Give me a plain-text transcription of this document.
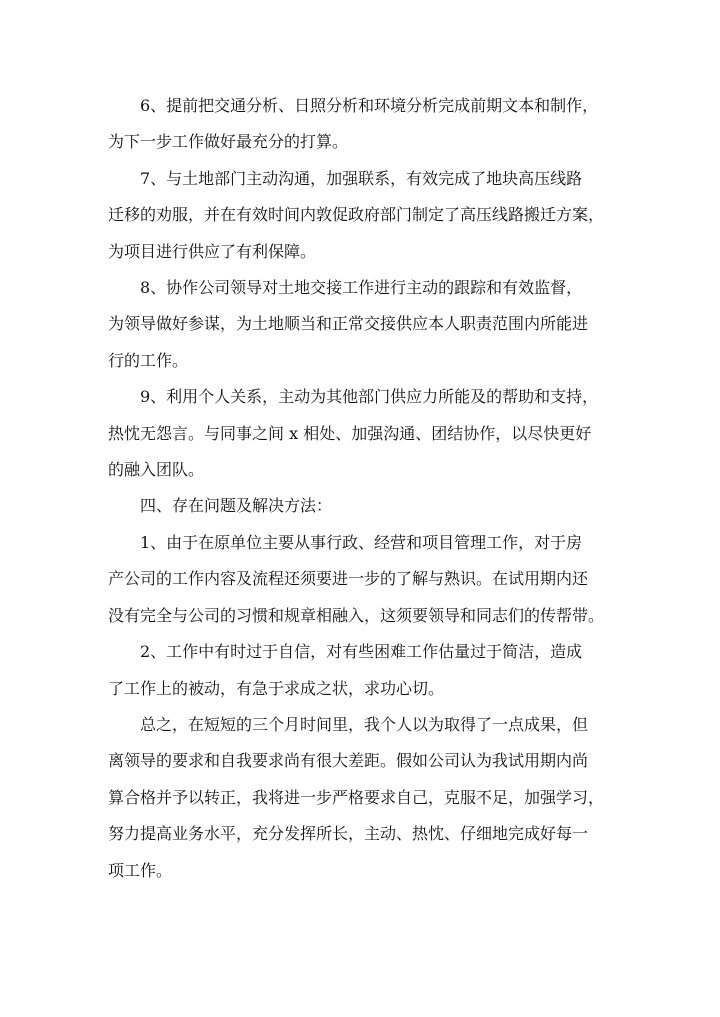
6、提前把交通分析、日照分析和环境分析完成前期文本和制作，
为下一步工作做好最充分的打算。
7、与土地部门主动沟通，加强联系，有效完成了地块高压线路
迁移的劝服，并在有效时间内敦促政府部门制定了高压线路搬迁方案，
为项目进行供应了有利保障。
8、协作公司领导对土地交接工作进行主动的跟踪和有效监督，
为领导做好参谋，为土地顺当和正常交接供应本人职责范围内所能进
行的工作。
9、利用个人关系，主动为其他部门供应力所能及的帮助和支持，
热忱无怨言。与同事之间 x 相处、加强沟通、团结协作，以尽快更好
的融入团队。
四、存在问题及解决方法：
1、由于在原单位主要从事行政、经营和项目管理工作，对于房
产公司的工作内容及流程还须要进一步的了解与熟识。在试用期内还
没有完全与公司的习惯和规章相融入，这须要领导和同志们的传帮带。
2、工作中有时过于自信，对有些困难工作估量过于简洁，造成
了工作上的被动，有急于求成之状，求功心切。
总之，在短短的三个月时间里，我个人以为取得了一点成果，但
离领导的要求和自我要求尚有很大差距。假如公司认为我试用期内尚
算合格并予以转正，我将进一步严格要求自己，克服不足，加强学习，
努力提高业务水平，充分发挥所长，主动、热忱、仔细地完成好每一
项工作。
